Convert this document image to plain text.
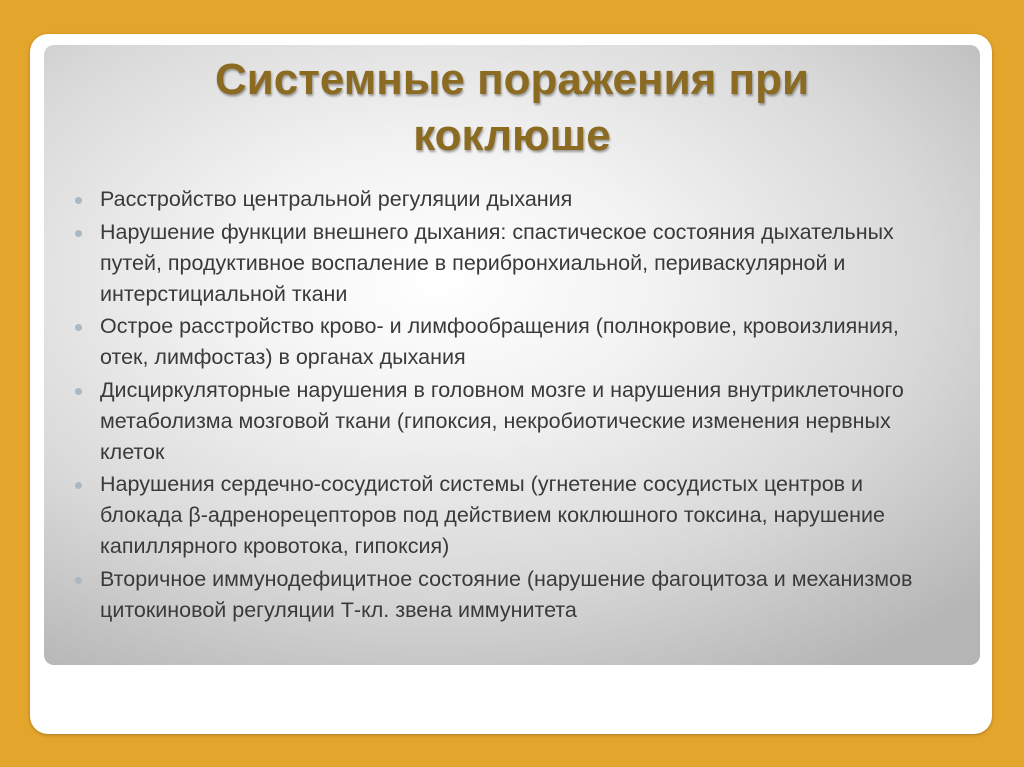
Системные поражения при
коклюше
Расстройство центральной регуляции дыхания
Нарушение функции внешнего дыхания: спастическое состояния дыхательных путей, продуктивное воспаление в перибронхиальной, периваскулярной и интерстициальной ткани
Острое расстройство крово- и лимфообращения (полнокровие, кровоизлияния, отек, лимфостаз) в органах дыхания
Дисциркуляторные нарушения в головном мозге и нарушения внутриклеточного метаболизма мозговой ткани (гипоксия, некробиотические изменения нервных клеток
Нарушения сердечно-сосудистой системы (угнетение сосудистых центров и блокада β-адренорецепторов под действием коклюшного токсина, нарушение капиллярного кровотока, гипоксия)
Вторичное иммунодефицитное состояние (нарушение фагоцитоза и механизмов цитокиновой регуляции Т-кл. звена иммунитета
